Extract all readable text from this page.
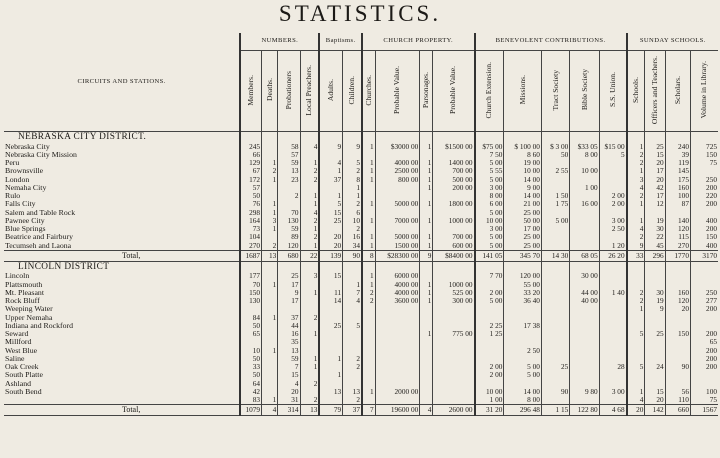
STATISTICS.
CIRCUITS AND STATIONS.	NUMBERS.				Baptisms.		CHURCH PROPERTY.				BENEVOLENT CONTRIBUTIONS.					SUNDAY SCHOOLS.			
	Members.	Deaths.	Probationers	Local Preachers.	Adults.	Children.	Churches.	Probable Value.	Parsonages.	Probable Value.	Church Extension.	Missions.	Tract Society	Bible Society	S.S. Union.	Schools.	Officers and Teachers.	Scholars.	Volume in Library.
NEBRASKA CITY DISTRICT.																			
Nebraska City	245		58	4	9	9	1	$3000 00	1	$1500 00	$75 00	$ 100 00	$ 3 00	$33 05	$15 00	1	25	240	725
Nebraska City Mission	66		57								7 50	8 60	50	8 00	5	2	15	39	150
Peru	129	1	59	1	4	5	1	4000 00	1	1400 00	5 00	19 00				2	20	119	75
Brownsville	67	2	13	2	1	2	1	2500 00	1	700 00	5 55	10 00	2 55	10 00		1	17	145	
London	172	1	23	2	37	8	1	800 00	1	500 00	5 00	14 00				3	20	175	250
Nemaha City	57					1			1	200 00	3 00	9 00		1 00		4	42	160	200
Rulo	50		2	1	1	1					8 00	14 00	1 50		2 00	2	17	100	220
Falls City	76	1		1	5	2	1	5000 00	1	1800 00	6 00	21 00	1 75	16 00	2 00	1	12	87	200
Salem and Table Rock	298	1	70	4	15	6					5 00	25 00							
Pawnee City	164	3	130	2	25	10	1	7000 00	1	1000 00	10 00	50 00	5 00		3 00	1	19	140	400
Blue Springs	73	1	59	1		2					3 00	17 00			2 50	4	30	120	200
Beatrice and Fairbury	104		89	2	20	16	1	5000 00	1	700 00	5 00	25 00				2	22	115	150
Tecumseh and Laona	270	2	120	1	20	34	1	1500 00	1	600 00	5 00	25 00			1 20	9	45	270	400
Total,	1687	13	680	22	139	90	8	$28300 00	9	$8400 00	141 05	345 70	14 30	68 05	26 20	33	296	1770	3170
LINCOLN DISTRICT																			
Lincoln	177		25	3	15		1	6000 00			7 70	120 00		30 00					
Plattsmouth	70	1	17			1	1	4000 00	1	1000 00		55 00							
Mt. Pleasant	150		9	1	11	7	2	4000 00	1	525 00	2 00	33 20		44 00	1 40	2	30	160	250
Rock Bluff	130		17		14	4	2	3600 00	1	300 00	5 00	36 40		40 00		2	19	120	277
Weeping Water																1	9	20	200
Upper Nemaha	84	1	37	2															
Indiana and Rockford	50		44		25	5					2 25	17 38							
Seward	65		16	1					1	775 00	1 25					5	25	150	200
Millford			35																65
West Blue	10	1	13									2 50							200
Saline	50		59	1	1	2													200
Oak Creek	33		7	1		2					2 00	5 00	25		28	5	24	90	200
South Platte	50		15		1						2 00	5 00							
Ashland	64		4	2															
South Bend	42		20		13	13	1	2000 00			10 00	14 00	90	9 80	3 00	1	15	56	100
	83	1	31	2		2					1 00	8 00				4	20	110	75
Total,	1079	4	314	13	79	37	7	19600 00	4	2600 00	31 20	296 48	1 15	122 80	4 68	20	142	660	1567
